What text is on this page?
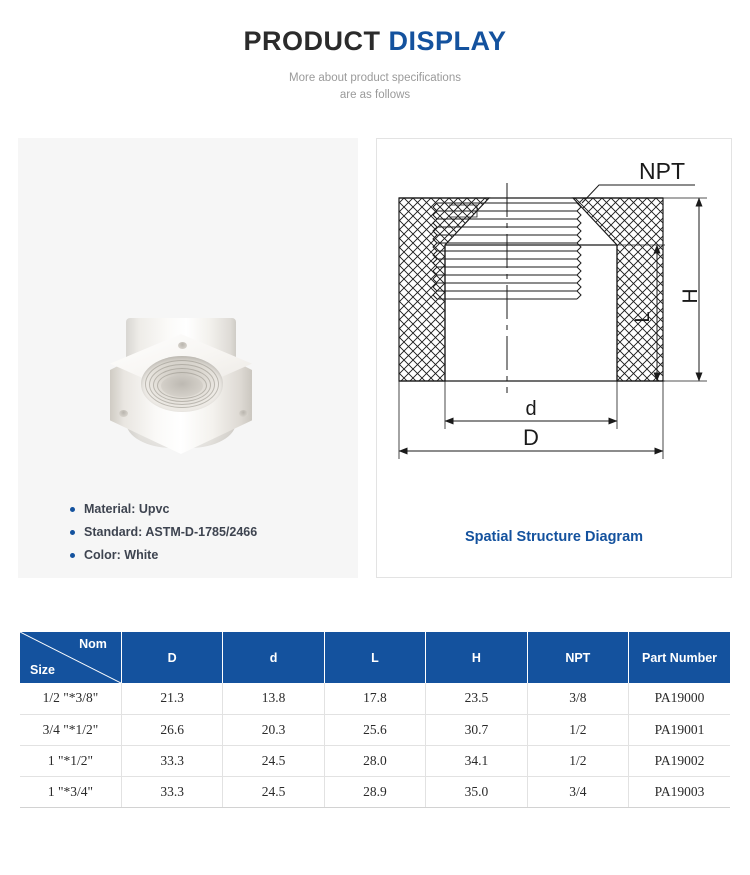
PRODUCT DISPLAY
More about product specifications
are as follows
Material: Upvc
Standard: ASTM-D-1785/2466
Color: White
NPT
H
L
d
D
Spatial Structure Diagram
Nom
Size	D	d	L	H	NPT	Part Number
1/2 "*3/8"	21.3	13.8	17.8	23.5	3/8	PA19000
3/4 "*1/2"	26.6	20.3	25.6	30.7	1/2	PA19001
1 "*1/2"	33.3	24.5	28.0	34.1	1/2	PA19002
1 "*3/4"	33.3	24.5	28.9	35.0	3/4	PA19003
